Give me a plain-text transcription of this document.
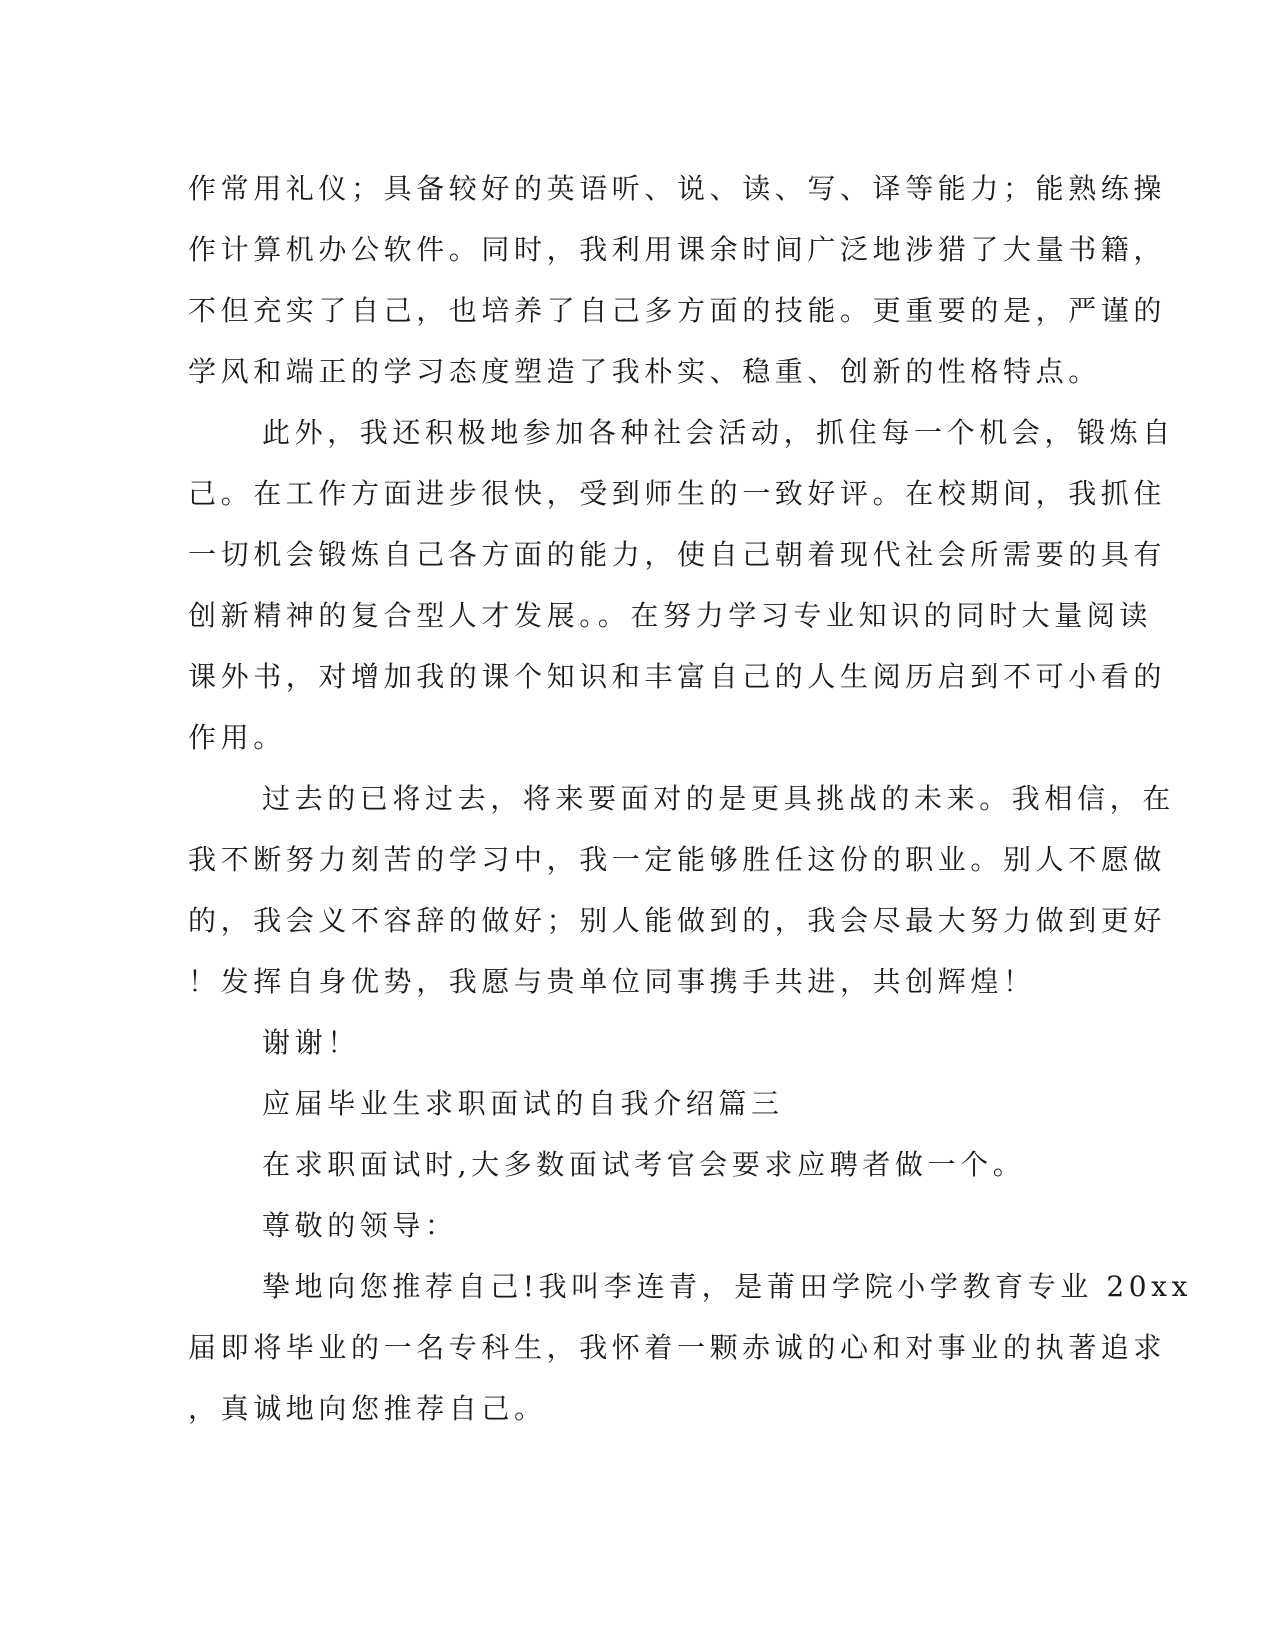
作常用礼仪；具备较好的英语听、说、读、写、译等能力；能熟练操
作计算机办公软件。同时，我利用课余时间广泛地涉猎了大量书籍，
不但充实了自己，也培养了自己多方面的技能。更重要的是，严谨的
学风和端正的学习态度塑造了我朴实、稳重、创新的性格特点。
此外，我还积极地参加各种社会活动，抓住每一个机会，锻炼自
己。在工作方面进步很快，受到师生的一致好评。在校期间，我抓住
一切机会锻炼自己各方面的能力，使自己朝着现代社会所需要的具有
创新精神的复合型人才发展。。在努力学习专业知识的同时大量阅读
课外书，对增加我的课个知识和丰富自己的人生阅历启到不可小看的
作用。
过去的已将过去，将来要面对的是更具挑战的未来。我相信，在
我不断努力刻苦的学习中，我一定能够胜任这份的职业。别人不愿做
的，我会义不容辞的做好；别人能做到的，我会尽最大努力做到更好
！发挥自身优势，我愿与贵单位同事携手共进，共创辉煌！
谢谢！
应届毕业生求职面试的自我介绍篇三
在求职面试时,大多数面试考官会要求应聘者做一个。
尊敬的领导：
挚地向您推荐自己!我叫李连青，是莆田学院小学教育专业 20xx
届即将毕业的一名专科生，我怀着一颗赤诚的心和对事业的执著追求
，真诚地向您推荐自己。
